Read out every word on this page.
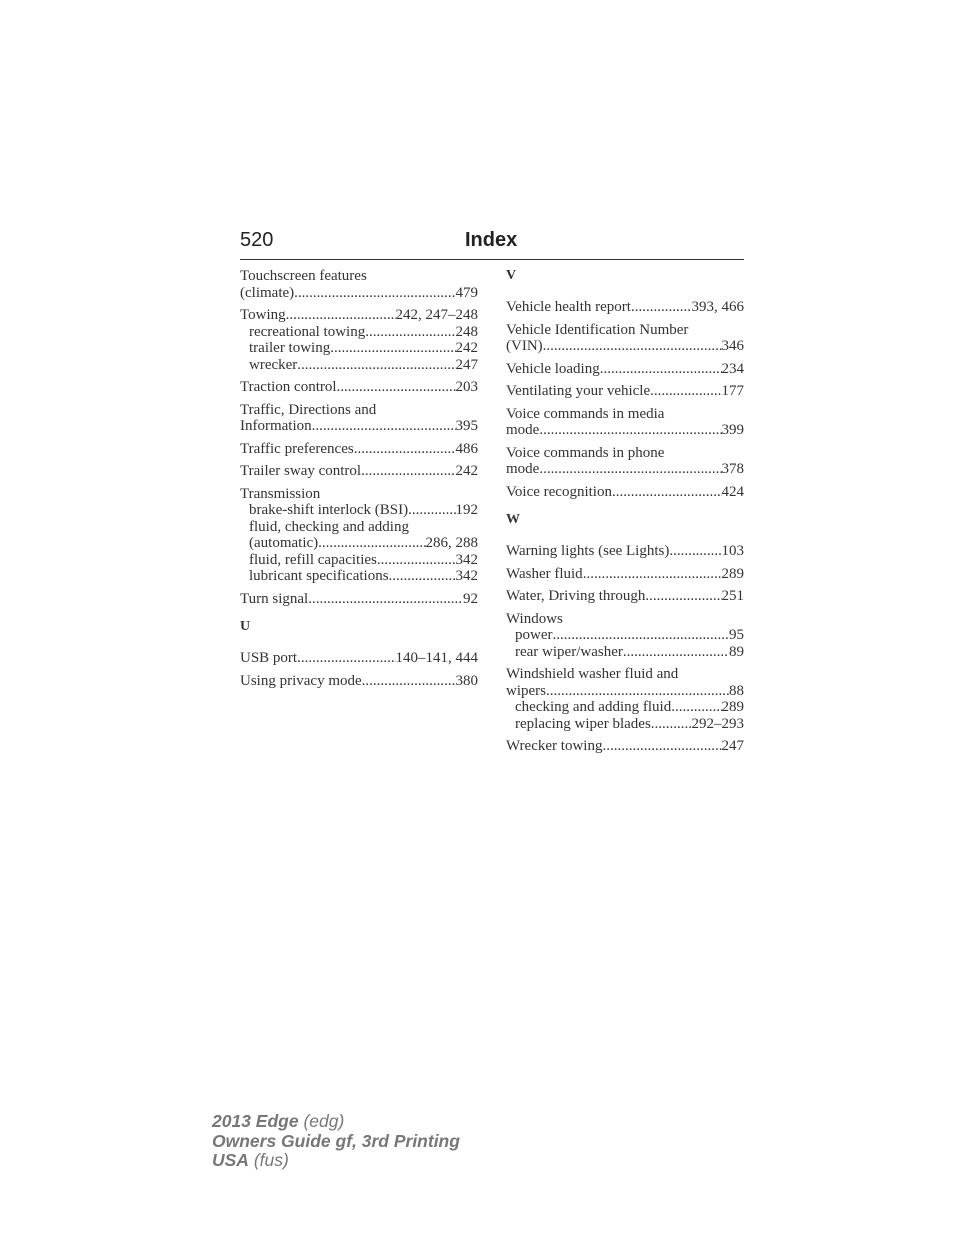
520	Index
Touchscreen features
(climate) .....	479
Towing .....	242, 247–248
recreational towing .....	248
trailer towing .....	242
wrecker .....	247
Traction control .....	203
Traffic, Directions and
Information .....	395
Traffic preferences .....	486
Trailer sway control .....	242
Transmission
brake-shift interlock (BSI) .....	192
fluid, checking and adding
(automatic) .....	286, 288
fluid, refill capacities .....	342
lubricant specifications .....	342
Turn signal .....	92
U
USB port .....	140–141, 444
Using privacy mode .....	380
V
Vehicle health report .....	393, 466
Vehicle Identification Number
(VIN) .....	346
Vehicle loading .....	234
Ventilating your vehicle .....	177
Voice commands in media
mode .....	399
Voice commands in phone
mode .....	378
Voice recognition .....	424
W
Warning lights (see Lights) .....	103
Washer fluid .....	289
Water, Driving through .....	251
Windows
power .....	95
rear wiper/washer .....	89
Windshield washer fluid and
wipers .....	88
checking and adding fluid .....	289
replacing wiper blades .....	292–293
Wrecker towing .....	247
2013 Edge (edg)
Owners Guide gf, 3rd Printing
USA (fus)
